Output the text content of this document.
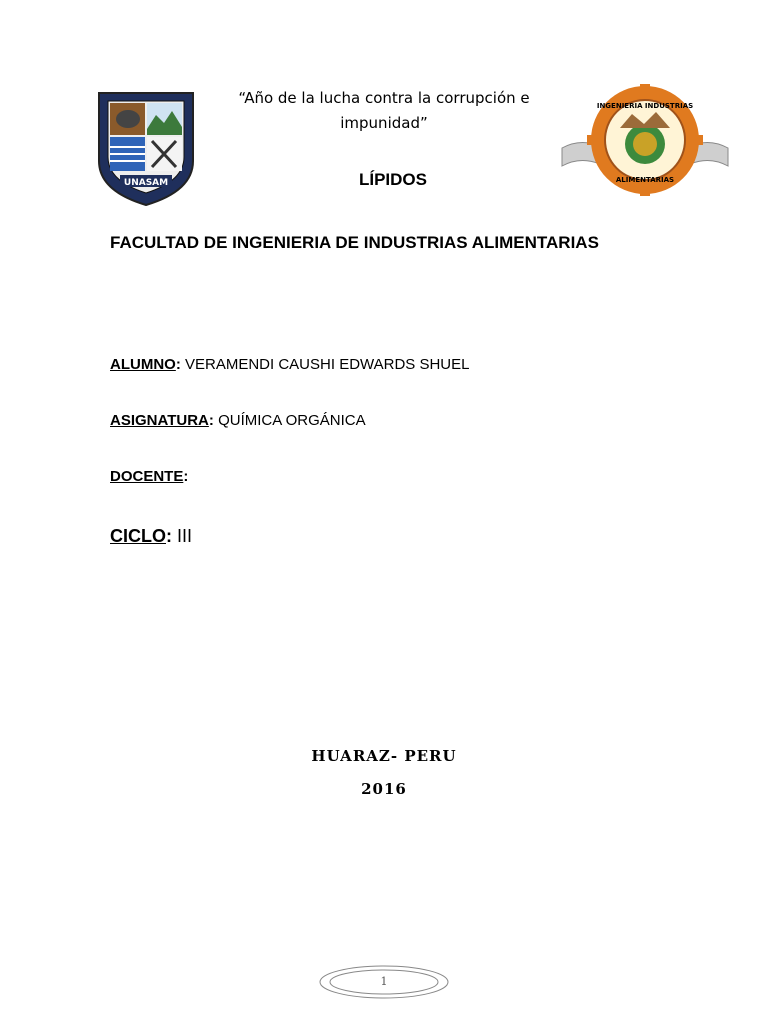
UNASAM
INGENIERIA INDUSTRIAS
ALIMENTARIAS
“Año de la lucha contra la corrupción e
impunidad”
LÍPIDOS
FACULTAD DE INGENIERIA DE INDUSTRIAS ALIMENTARIAS
ALUMNO: VERAMENDI CAUSHI EDWARDS SHUEL
ASIGNATURA: QUÍMICA ORGÁNICA
DOCENTE:
CICLO: III
HUARAZ- PERU
2016
1
